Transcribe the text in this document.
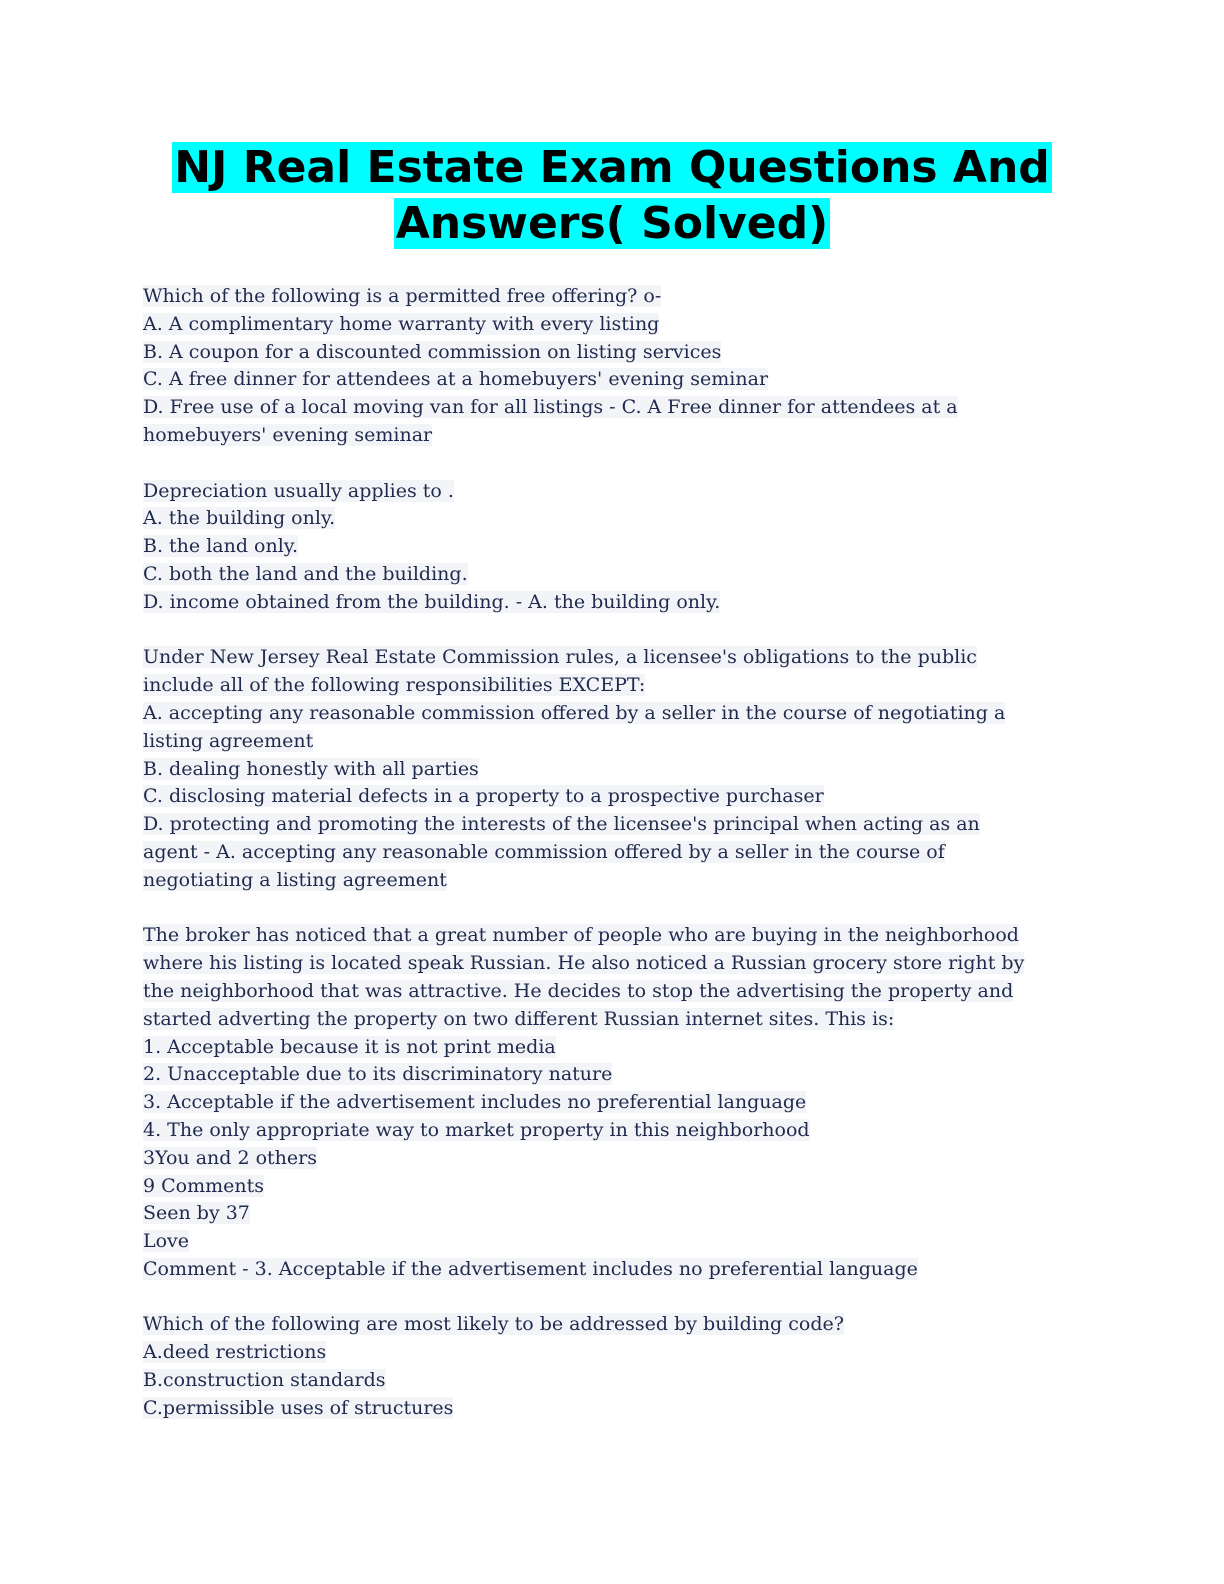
NJ Real Estate Exam Questions And
Answers( Solved)
Which of the following is a permitted free offering? o-
A. A complimentary home warranty with every listing
B. A coupon for a discounted commission on listing services
C. A free dinner for attendees at a homebuyers' evening seminar
D. Free use of a local moving van for all listings - C. A Free dinner for attendees at a
homebuyers' evening seminar
Depreciation usually applies to .
A. the building only.
B. the land only.
C. both the land and the building.
D. income obtained from the building. - A. the building only.
Under New Jersey Real Estate Commission rules, a licensee's obligations to the public
include all of the following responsibilities EXCEPT:
A. accepting any reasonable commission offered by a seller in the course of negotiating a
listing agreement
B. dealing honestly with all parties
C. disclosing material defects in a property to a prospective purchaser
D. protecting and promoting the interests of the licensee's principal when acting as an
agent - A. accepting any reasonable commission offered by a seller in the course of
negotiating a listing agreement
The broker has noticed that a great number of people who are buying in the neighborhood
where his listing is located speak Russian. He also noticed a Russian grocery store right by
the neighborhood that was attractive. He decides to stop the advertising the property and
started adverting the property on two different Russian internet sites. This is:
1. Acceptable because it is not print media
2. Unacceptable due to its discriminatory nature
3. Acceptable if the advertisement includes no preferential language
4. The only appropriate way to market property in this neighborhood
3You and 2 others
9 Comments
Seen by 37
Love
Comment - 3. Acceptable if the advertisement includes no preferential language
Which of the following are most likely to be addressed by building code?
A.deed restrictions
B.construction standards
C.permissible uses of structures
